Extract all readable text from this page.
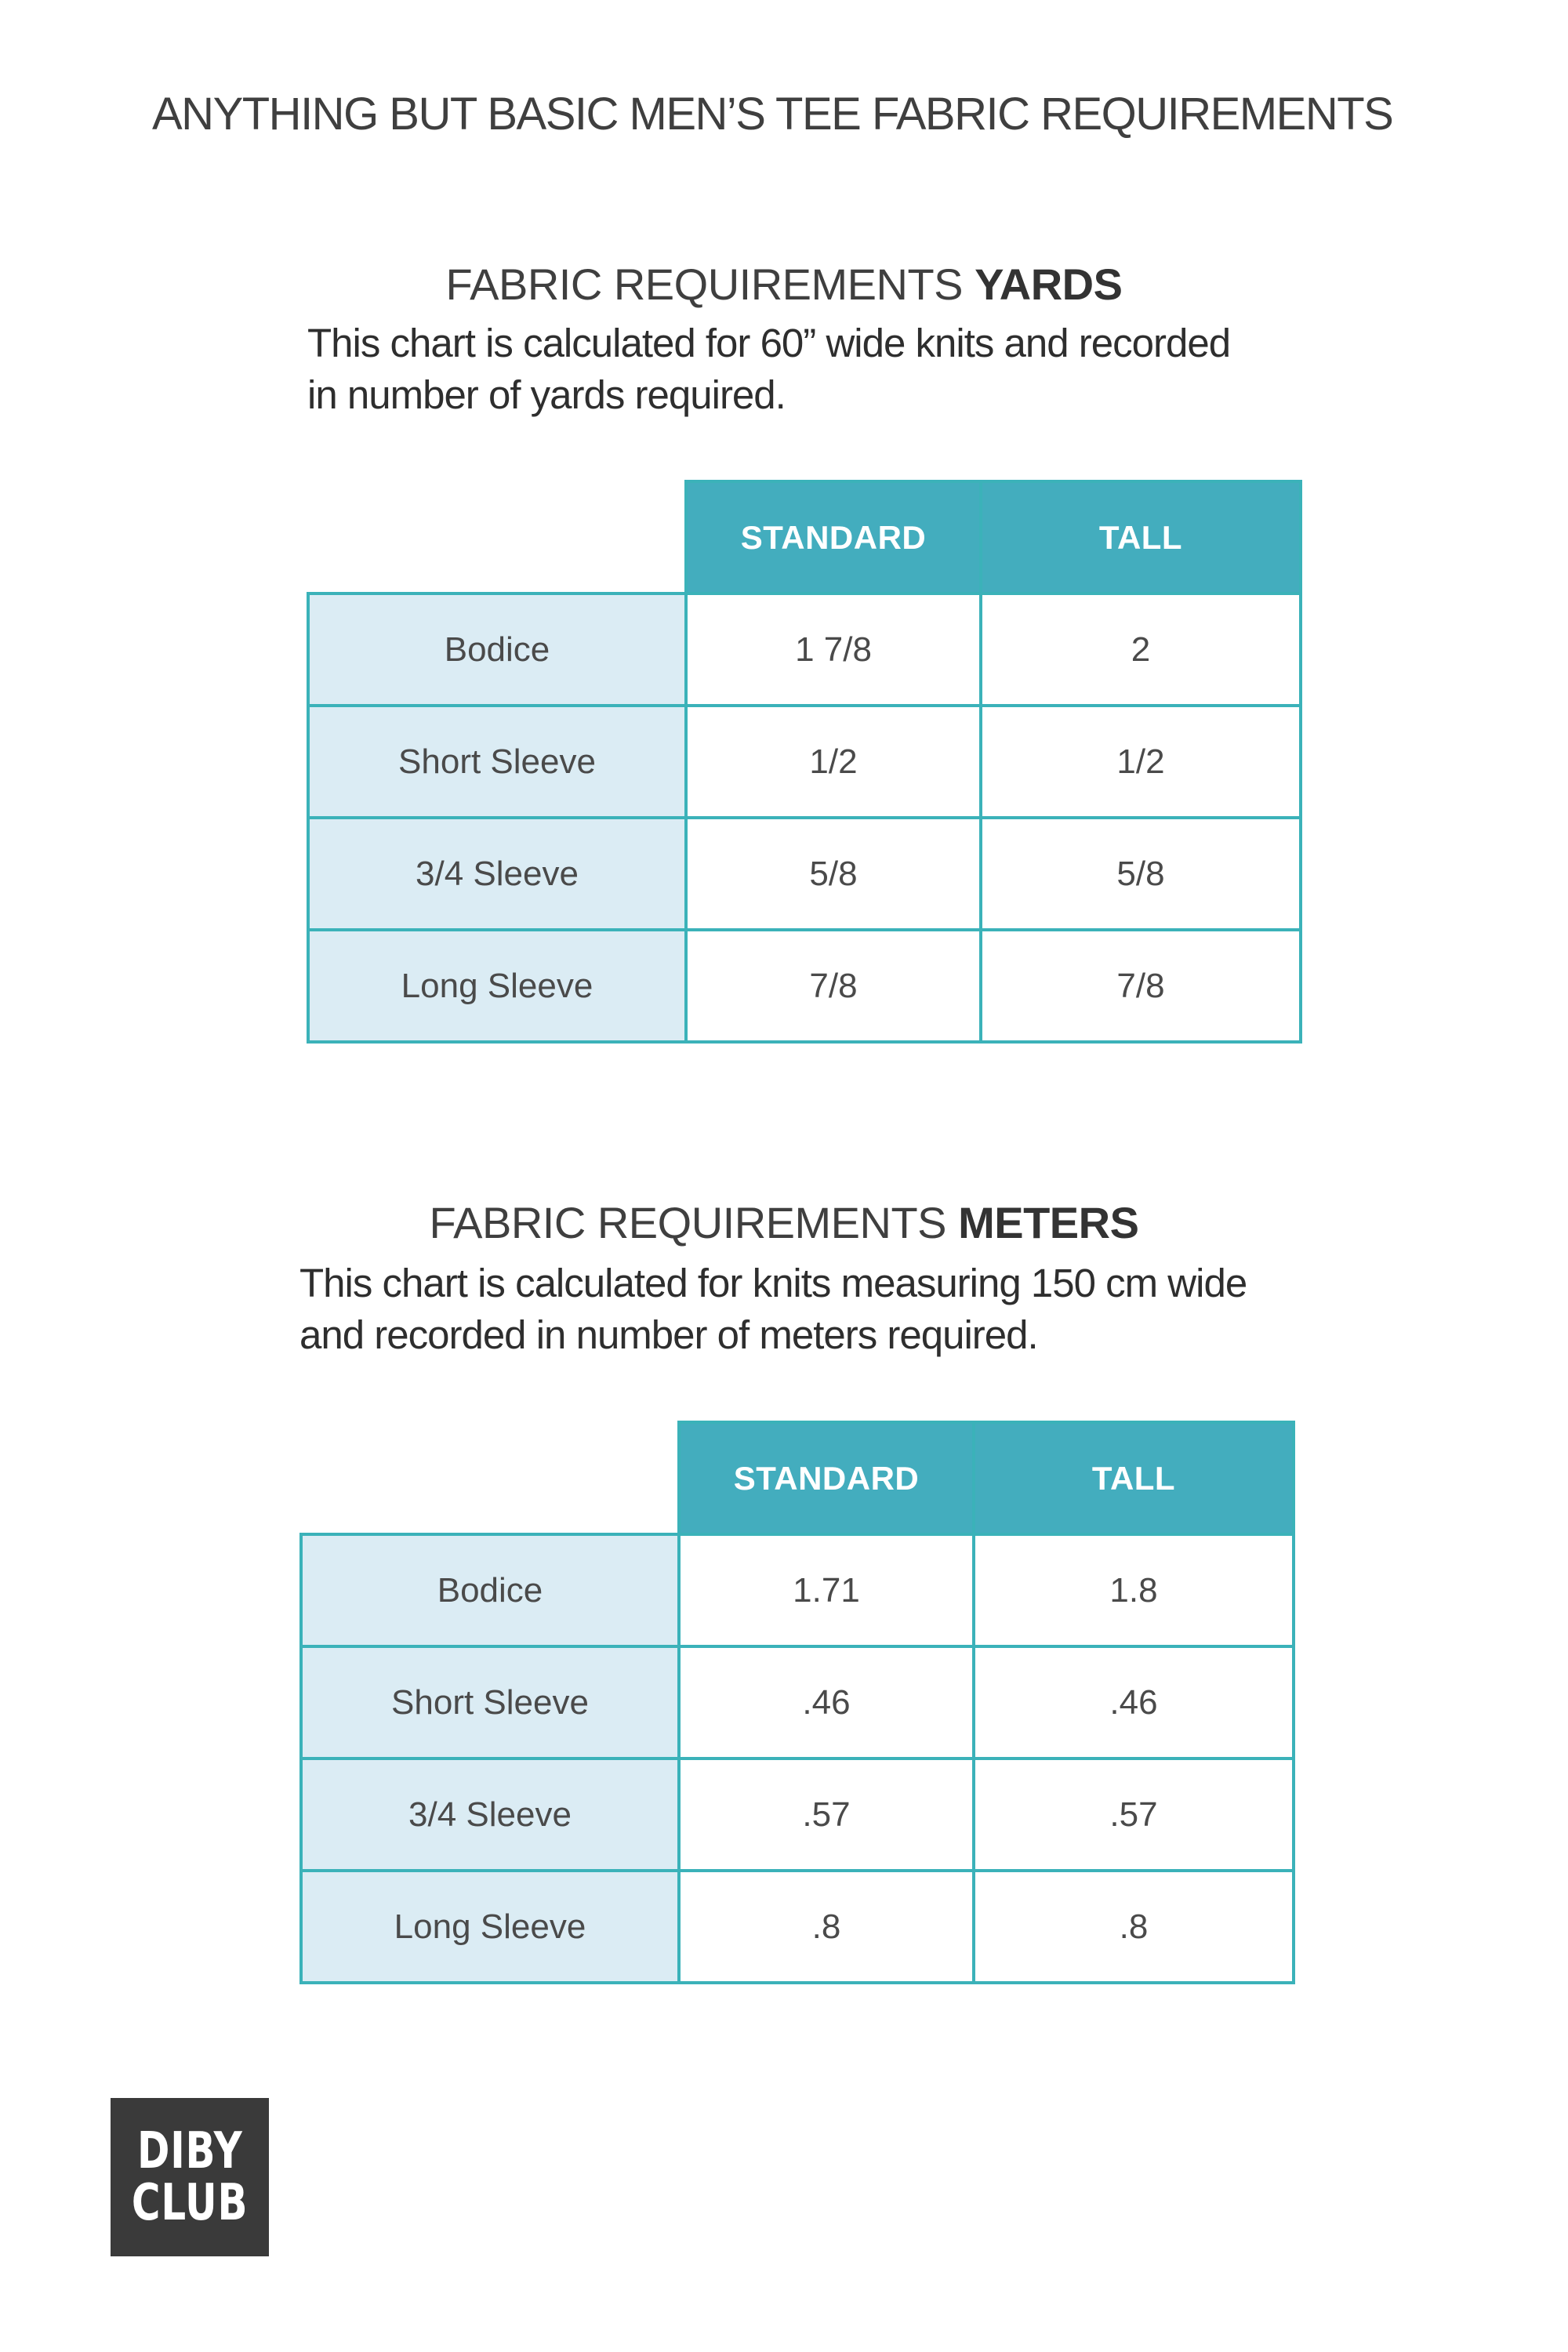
ANYTHING BUT BASIC MEN’S TEE FABRIC REQUIREMENTS
FABRIC REQUIREMENTS YARDS

This chart is calculated for 60” wide knits and recorded
in number of yards required.

	STANDARD	TALL
Bodice	1 7/8	2
Short Sleeve	1/2	1/2
3/4 Sleeve	5/8	5/8
Long Sleeve	7/8	7/8
FABRIC REQUIREMENTS METERS

This chart is calculated for knits measuring 150 cm wide
and recorded in number of meters required.

	STANDARD	TALL
Bodice	1.71	1.8
Short Sleeve	.46	.46
3/4 Sleeve	.57	.57
Long Sleeve	.8	.8
DIBY
CLUB
